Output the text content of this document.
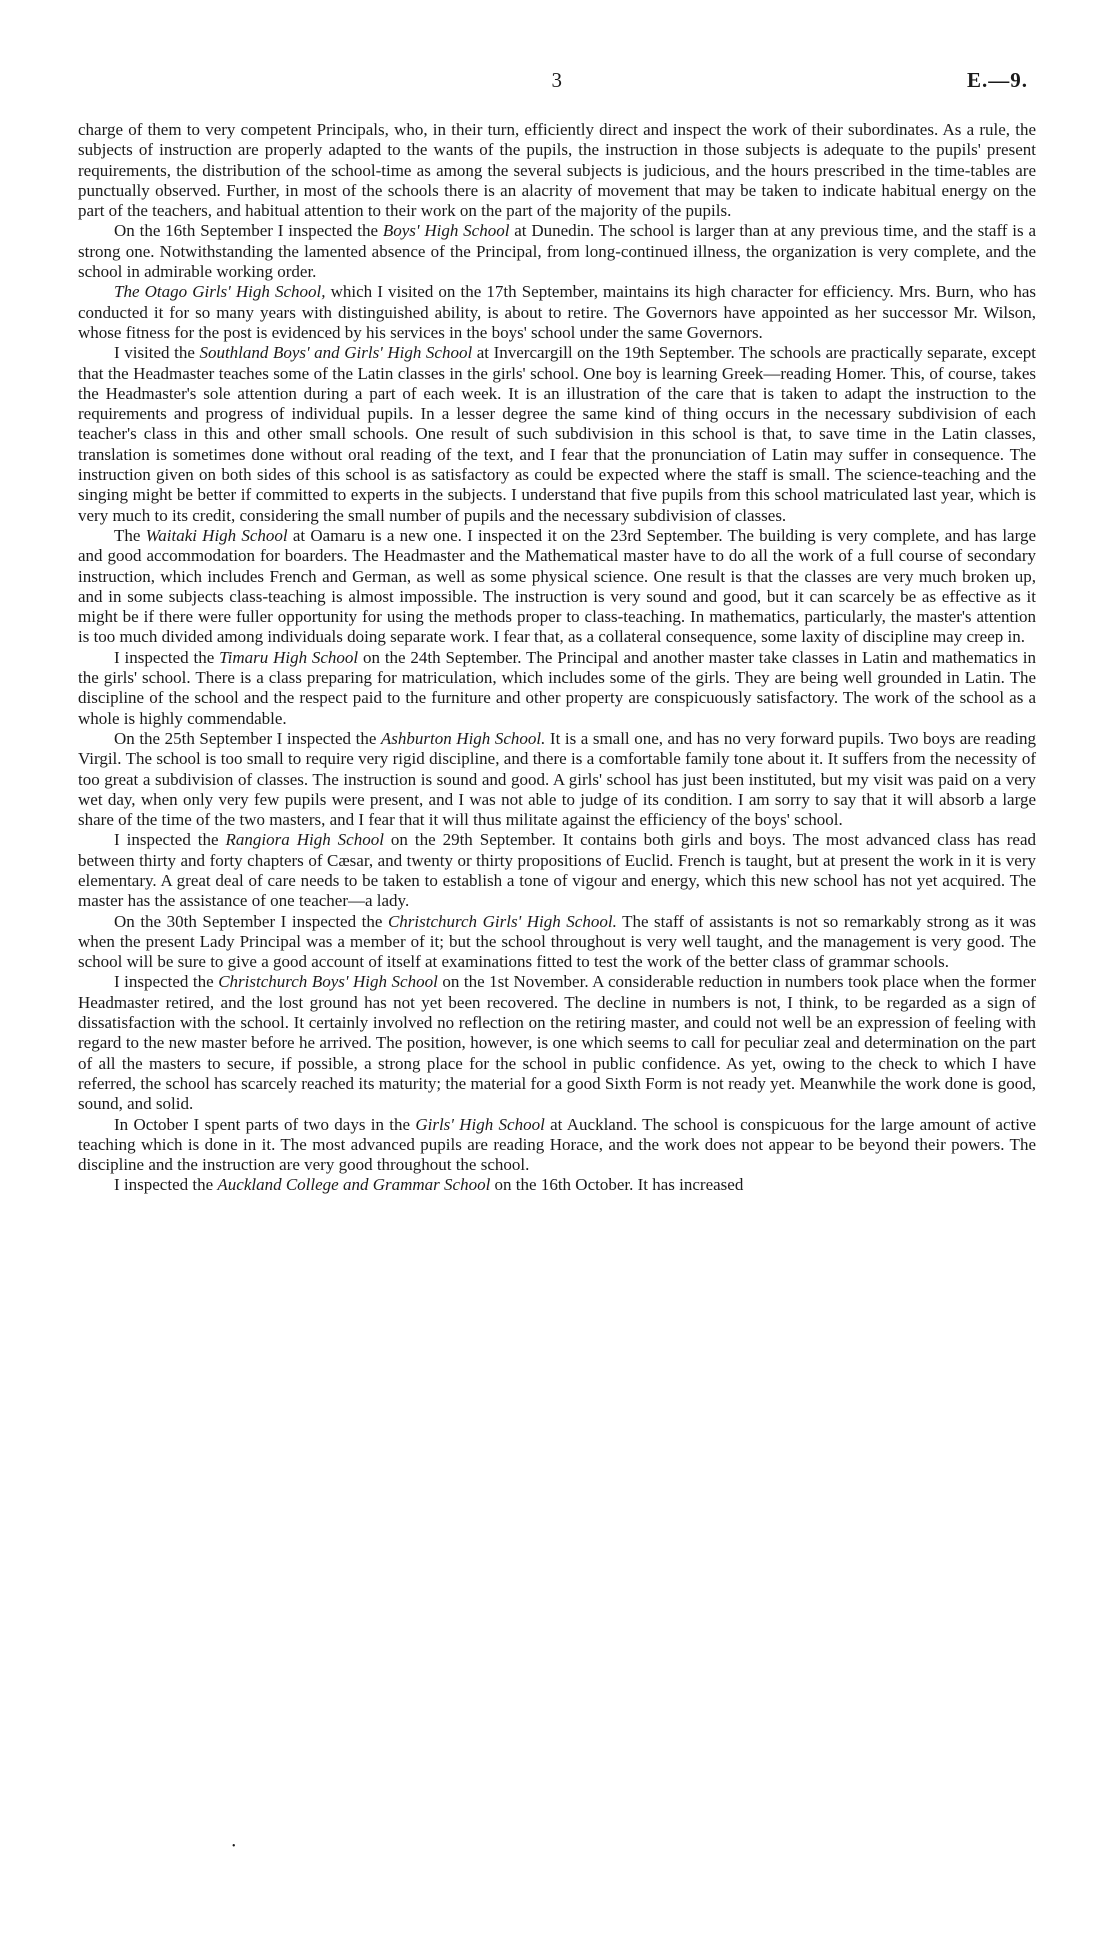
3	E.—9.

charge of them to very competent Principals, who, in their turn, efficiently direct and inspect the work of their subordinates. As a rule, the subjects of instruction are properly adapted to the wants of the pupils, the instruction in those subjects is adequate to the pupils' present requirements, the distribution of the school-time as among the several subjects is judicious, and the hours prescribed in the time-tables are punctually observed. Further, in most of the schools there is an alacrity of movement that may be taken to indicate habitual energy on the part of the teachers, and habitual attention to their work on the part of the majority of the pupils.

On the 16th September I inspected the Boys' High School at Dunedin. The school is larger than at any previous time, and the staff is a strong one. Notwithstanding the lamented absence of the Principal, from long-continued illness, the organization is very complete, and the school in admirable working order.

The Otago Girls' High School, which I visited on the 17th September, maintains its high character for efficiency. Mrs. Burn, who has conducted it for so many years with distinguished ability, is about to retire. The Governors have appointed as her successor Mr. Wilson, whose fitness for the post is evidenced by his services in the boys' school under the same Governors.

I visited the Southland Boys' and Girls' High School at Invercargill on the 19th September. The schools are practically separate, except that the Headmaster teaches some of the Latin classes in the girls' school. One boy is learning Greek—reading Homer. This, of course, takes the Headmaster's sole attention during a part of each week. It is an illustration of the care that is taken to adapt the instruction to the requirements and progress of individual pupils. In a lesser degree the same kind of thing occurs in the necessary subdivision of each teacher's class in this and other small schools. One result of such subdivision in this school is that, to save time in the Latin classes, translation is sometimes done without oral reading of the text, and I fear that the pronunciation of Latin may suffer in consequence. The instruction given on both sides of this school is as satisfactory as could be expected where the staff is small. The science-teaching and the singing might be better if committed to experts in the subjects. I understand that five pupils from this school matriculated last year, which is very much to its credit, considering the small number of pupils and the necessary subdivision of classes.

The Waitaki High School at Oamaru is a new one. I inspected it on the 23rd September. The building is very complete, and has large and good accommodation for boarders. The Headmaster and the Mathematical master have to do all the work of a full course of secondary instruction, which includes French and German, as well as some physical science. One result is that the classes are very much broken up, and in some subjects class-teaching is almost impossible. The instruction is very sound and good, but it can scarcely be as effective as it might be if there were fuller opportunity for using the methods proper to class-teaching. In mathematics, particularly, the master's attention is too much divided among individuals doing separate work. I fear that, as a collateral consequence, some laxity of discipline may creep in.

I inspected the Timaru High School on the 24th September. The Principal and another master take classes in Latin and mathematics in the girls' school. There is a class preparing for matriculation, which includes some of the girls. They are being well grounded in Latin. The discipline of the school and the respect paid to the furniture and other property are conspicuously satisfactory. The work of the school as a whole is highly commendable.

On the 25th September I inspected the Ashburton High School. It is a small one, and has no very forward pupils. Two boys are reading Virgil. The school is too small to require very rigid discipline, and there is a comfortable family tone about it. It suffers from the necessity of too great a subdivision of classes. The instruction is sound and good. A girls' school has just been instituted, but my visit was paid on a very wet day, when only very few pupils were present, and I was not able to judge of its condition. I am sorry to say that it will absorb a large share of the time of the two masters, and I fear that it will thus militate against the efficiency of the boys' school.

I inspected the Rangiora High School on the 29th September. It contains both girls and boys. The most advanced class has read between thirty and forty chapters of Cæsar, and twenty or thirty propositions of Euclid. French is taught, but at present the work in it is very elementary. A great deal of care needs to be taken to establish a tone of vigour and energy, which this new school has not yet acquired. The master has the assistance of one teacher—a lady.

On the 30th September I inspected the Christchurch Girls' High School. The staff of assistants is not so remarkably strong as it was when the present Lady Principal was a member of it; but the school throughout is very well taught, and the management is very good. The school will be sure to give a good account of itself at examinations fitted to test the work of the better class of grammar schools.

I inspected the Christchurch Boys' High School on the 1st November. A considerable reduction in numbers took place when the former Headmaster retired, and the lost ground has not yet been recovered. The decline in numbers is not, I think, to be regarded as a sign of dissatisfaction with the school. It certainly involved no reflection on the retiring master, and could not well be an expression of feeling with regard to the new master before he arrived. The position, however, is one which seems to call for peculiar zeal and determination on the part of all the masters to secure, if possible, a strong place for the school in public confidence. As yet, owing to the check to which I have referred, the school has scarcely reached its maturity; the material for a good Sixth Form is not ready yet. Meanwhile the work done is good, sound, and solid.

In October I spent parts of two days in the Girls' High School at Auckland. The school is conspicuous for the large amount of active teaching which is done in it. The most advanced pupils are reading Horace, and the work does not appear to be beyond their powers. The discipline and the instruction are very good throughout the school.

I inspected the Auckland College and Grammar School on the 16th October. It has increased

•
